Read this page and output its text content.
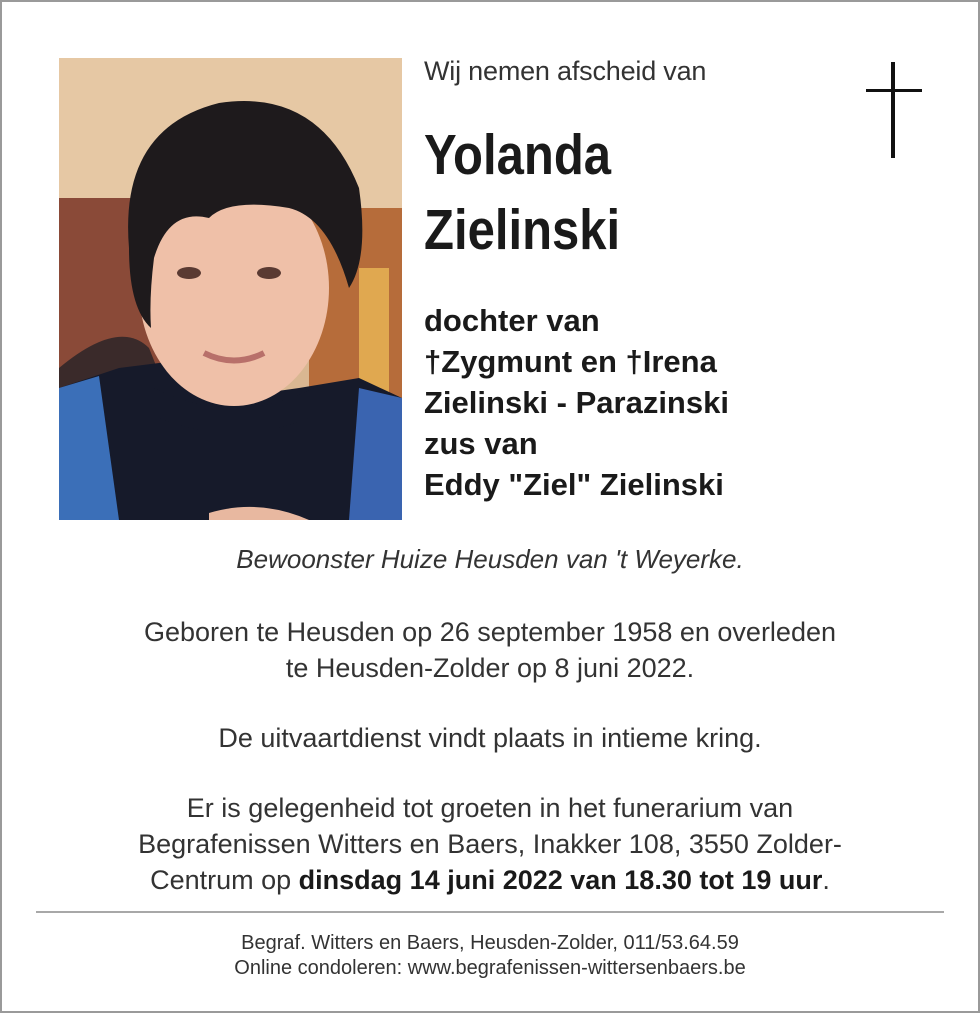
Wij nemen afscheid van
Yolanda
Zielinski
dochter van
†Zygmunt en †Irena
Zielinski - Parazinski
zus van
Eddy "Ziel" Zielinski
Bewoonster Huize Heusden van 't Weyerke.
Geboren te Heusden op 26 september 1958 en overleden
te Heusden-Zolder op 8 juni 2022.
De uitvaartdienst vindt plaats in intieme kring.
Er is gelegenheid tot groeten in het funerarium van
Begrafenissen Witters en Baers, Inakker 108, 3550 Zolder-
Centrum op dinsdag 14 juni 2022 van 18.30 tot 19 uur.
Begraf. Witters en Baers, Heusden-Zolder, 011/53.64.59
Online condoleren: www.begrafenissen-wittersenbaers.be
